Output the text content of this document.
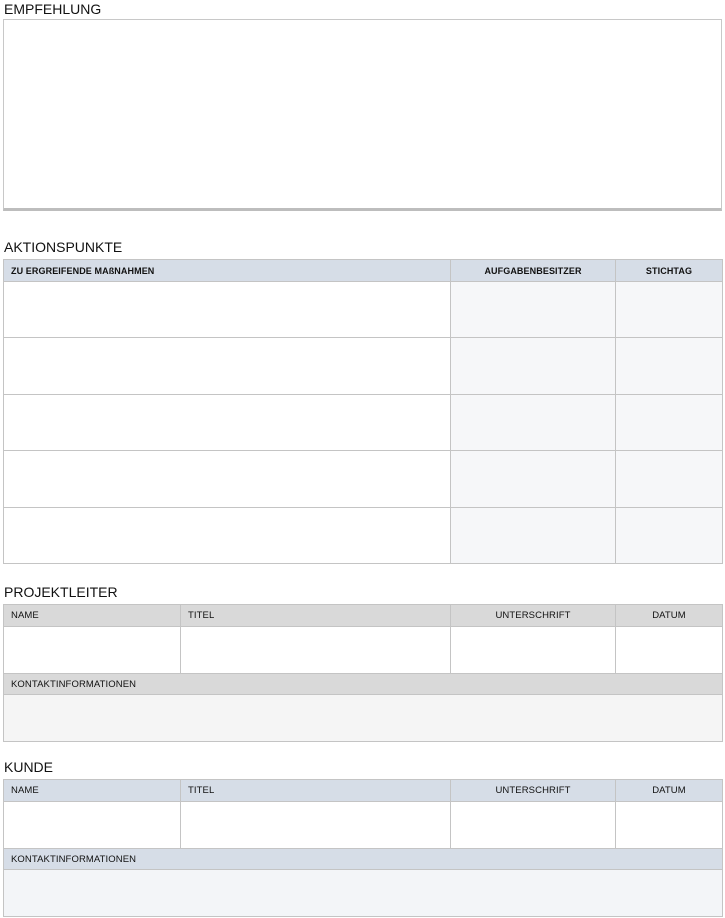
EMPFEHLUNG
AKTIONSPUNKTE
ZU ERGREIFENDE MAßNAHMEN	AUFGABENBESITZER	STICHTAG

PROJEKTLEITER
NAME	TITEL	UNTERSCHRIFT	DATUM

KONTAKTINFORMATIONEN			

KUNDE
NAME	TITEL	UNTERSCHRIFT	DATUM

KONTAKTINFORMATIONEN			
